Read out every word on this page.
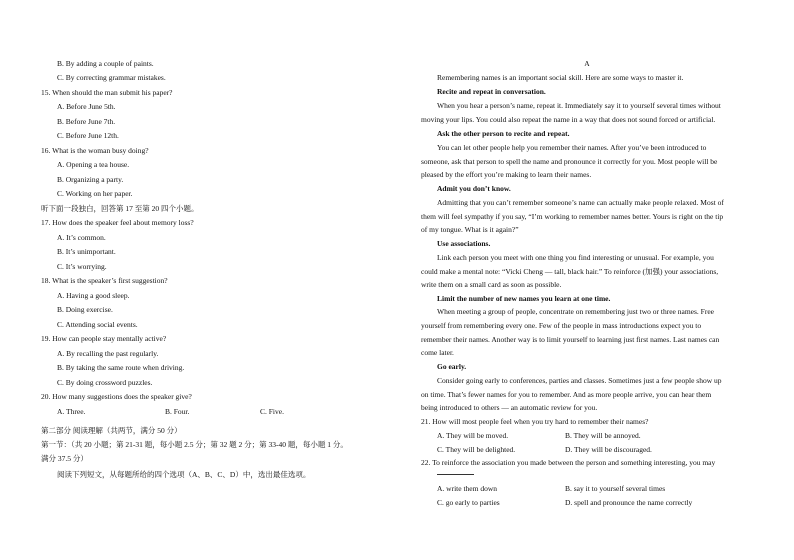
B. By adding a couple of paints.
C. By correcting grammar mistakes.
15. When should the man submit his paper?
A. Before June 5th.
B. Before June 7th.
C. Before June 12th.
16. What is the woman busy doing?
A. Opening a tea house.
B. Organizing a party.
C. Working on her paper.
听下面一段独白，回答第 17 至第 20 四个小题。
17. How does the speaker feel about memory loss?
A. It’s common.
B. It’s unimportant.
C. It’s worrying.
18. What is the speaker’s first suggestion?
A. Having a good sleep.
B. Doing exercise.
C. Attending social events.
19. How can people stay mentally active?
A. By recalling the past regularly.
B. By taking the same route when driving.
C. By doing crossword puzzles.
20. How many suggestions does the speaker give?
A. Three.	B. Four.	C. Five.
第二部分 阅读理解（共两节，满分 50 分）
第一节：（共 20 小题；第 21-31 题，每小题 2.5 分；第 32 题 2 分；第 33-40 题，每小题 1 分。
满分 37.5 分）
阅读下列短文，从每题所给的四个选项（A、B、C、D）中，选出最佳选项。
A
Remembering names is an important social skill. Here are some ways to master it.
Recite and repeat in conversation.
When you hear a person’s name, repeat it. Immediately say it to yourself several times without
moving your lips. You could also repeat the name in a way that does not sound forced or artificial.
Ask the other person to recite and repeat.
You can let other people help you remember their names. After you’ve been introduced to
someone, ask that person to spell the name and pronounce it correctly for you. Most people will be
pleased by the effort you’re making to learn their names.
Admit you don’t know.
Admitting that you can’t remember someone’s name can actually make people relaxed. Most of
them will feel sympathy if you say, “I’m working to remember names better. Yours is right on the tip
of my tongue. What is it again?”
Use associations.
Link each person you meet with one thing you find interesting or unusual. For example, you
could make a mental note: “Vicki Cheng — tall, black hair.” To reinforce (加强) your associations,
write them on a small card as soon as possible.
Limit the number of new names you learn at one time.
When meeting a group of people, concentrate on remembering just two or three names. Free
yourself from remembering every one. Few of the people in mass introductions expect you to
remember their names. Another way is to limit yourself to learning just first names. Last names can
come later.
Go early.
Consider going early to conferences, parties and classes. Sometimes just a few people show up
on time. That’s fewer names for you to remember. And as more people arrive, you can hear them
being introduced to others — an automatic review for you.
21. How will most people feel when you try hard to remember their names?
A. They will be moved.	B. They will be annoyed.
C. They will be delighted.	D. They will be discouraged.
22. To reinforce the association you made between the person and something interesting, you may
A. write them down	B. say it to yourself several times
C. go early to parties	D. spell and pronounce the name correctly
